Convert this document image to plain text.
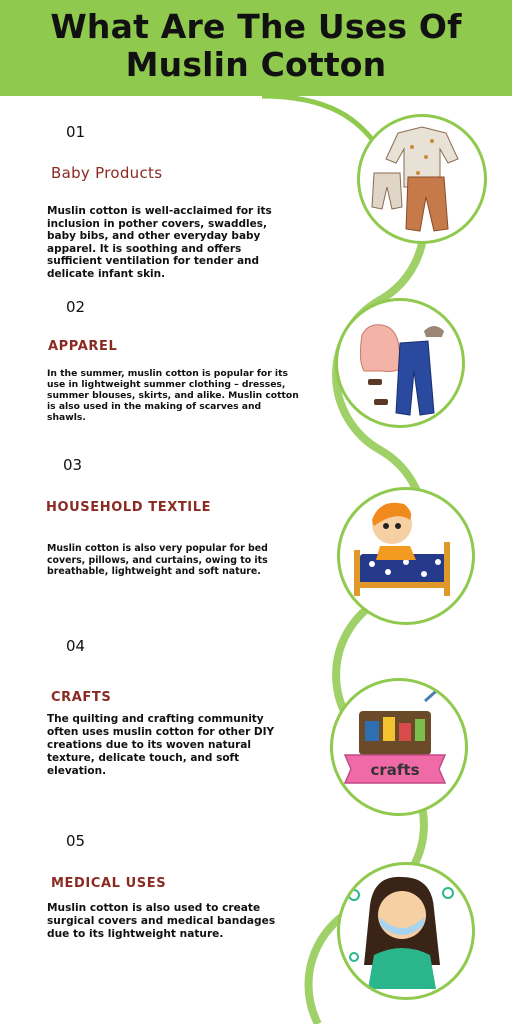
What Are The Uses Of
Muslin Cotton
01
Baby Products
Muslin cotton is well-acclaimed for its inclusion in pother covers, swaddles, baby bibs, and other everyday baby apparel. It is soothing and offers sufficient ventilation for tender and delicate infant skin.
02
APPAREL
In the summer, muslin cotton is popular for its use in lightweight summer clothing – dresses, summer blouses, skirts, and alike. Muslin cotton is also used in the making of scarves and shawls.
03
HOUSEHOLD TEXTILE
Muslin cotton is also very popular for bed covers, pillows, and curtains, owing to its breathable, lightweight and soft nature.
04
CRAFTS
The quilting and crafting community often uses muslin cotton for other DIY creations due to its woven natural texture, delicate touch, and soft elevation.	crafts
05
MEDICAL USES
Muslin cotton is also used to create surgical covers and medical bandages due to its lightweight nature.
